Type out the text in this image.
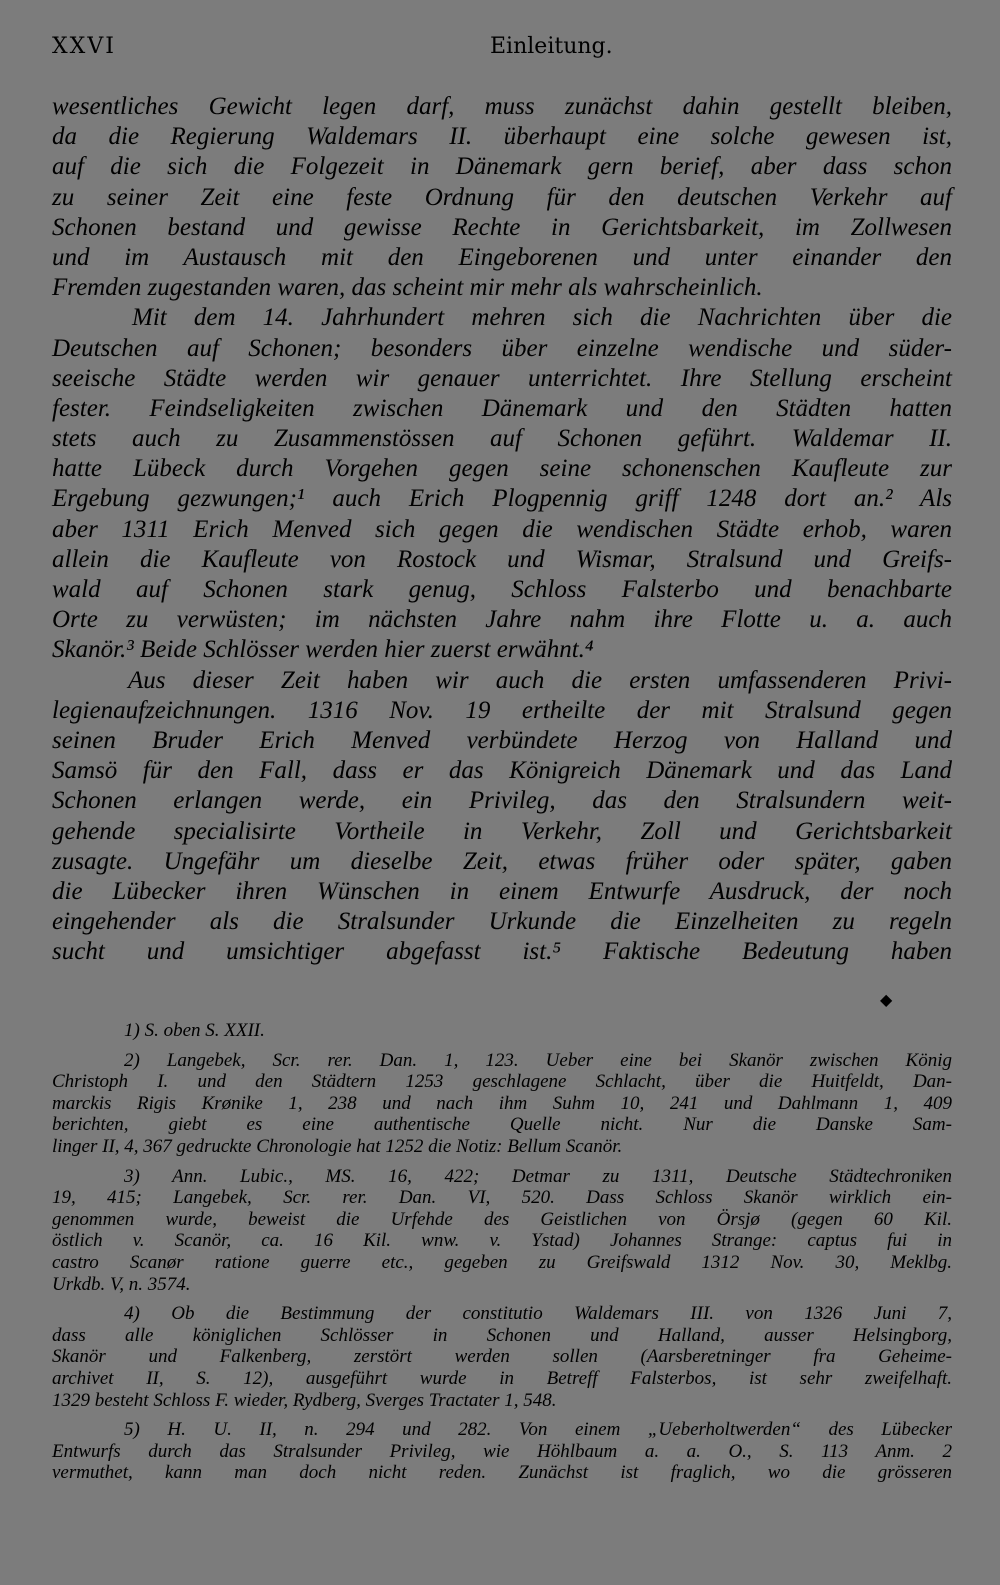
XXVI	Einleitung.
wesentliches Gewicht legen darf, muss zunächst dahin gestellt bleiben,
da die Regierung Waldemars II. überhaupt eine solche gewesen ist,
auf die sich die Folgezeit in Dänemark gern berief, aber dass schon
zu seiner Zeit eine feste Ordnung für den deutschen Verkehr auf
Schonen bestand und gewisse Rechte in Gerichtsbarkeit, im Zollwesen
und im Austausch mit den Eingeborenen und unter einander den
Fremden zugestanden waren, das scheint mir mehr als wahrscheinlich.
Mit dem 14. Jahrhundert mehren sich die Nachrichten über die
Deutschen auf Schonen; besonders über einzelne wendische und süder-
seeische Städte werden wir genauer unterrichtet. Ihre Stellung erscheint
fester. Feindseligkeiten zwischen Dänemark und den Städten hatten
stets auch zu Zusammenstössen auf Schonen geführt. Waldemar II.
hatte Lübeck durch Vorgehen gegen seine schonenschen Kaufleute zur
Ergebung gezwungen;¹ auch Erich Plogpennig griff 1248 dort an.² Als
aber 1311 Erich Menved sich gegen die wendischen Städte erhob, waren
allein die Kaufleute von Rostock und Wismar, Stralsund und Greifs-
wald auf Schonen stark genug, Schloss Falsterbo und benachbarte
Orte zu verwüsten; im nächsten Jahre nahm ihre Flotte u. a. auch
Skanör.³ Beide Schlösser werden hier zuerst erwähnt.⁴
Aus dieser Zeit haben wir auch die ersten umfassenderen Privi-
legienaufzeichnungen. 1316 Nov. 19 ertheilte der mit Stralsund gegen
seinen Bruder Erich Menved verbündete Herzog von Halland und
Samsö für den Fall, dass er das Königreich Dänemark und das Land
Schonen erlangen werde, ein Privileg, das den Stralsundern weit-
gehende specialisirte Vortheile in Verkehr, Zoll und Gerichtsbarkeit
zusagte. Ungefähr um dieselbe Zeit, etwas früher oder später, gaben
die Lübecker ihren Wünschen in einem Entwurfe Ausdruck, der noch
eingehender als die Stralsunder Urkunde die Einzelheiten zu regeln
sucht und umsichtiger abgefasst ist.⁵ Faktische Bedeutung haben
◆
1) S. oben S. XXII.
2) Langebek, Scr. rer. Dan. 1, 123. Ueber eine bei Skanör zwischen König
Christoph I. und den Städtern 1253 geschlagene Schlacht, über die Huitfeldt, Dan-
marckis Rigis Krønike 1, 238 und nach ihm Suhm 10, 241 und Dahlmann 1, 409
berichten, giebt es eine authentische Quelle nicht. Nur die Danske Sam-
linger II, 4, 367 gedruckte Chronologie hat 1252 die Notiz: Bellum Scanör.
3) Ann. Lubic., MS. 16, 422; Detmar zu 1311, Deutsche Städtechroniken
19, 415; Langebek, Scr. rer. Dan. VI, 520. Dass Schloss Skanör wirklich ein-
genommen wurde, beweist die Urfehde des Geistlichen von Örsjø (gegen 60 Kil.
östlich v. Scanör, ca. 16 Kil. wnw. v. Ystad) Johannes Strange: captus fui in
castro Scanør ratione guerre etc., gegeben zu Greifswald 1312 Nov. 30, Meklbg.
Urkdb. V, n. 3574.
4) Ob die Bestimmung der constitutio Waldemars III. von 1326 Juni 7,
dass alle königlichen Schlösser in Schonen und Halland, ausser Helsingborg,
Skanör und Falkenberg, zerstört werden sollen (Aarsberetninger fra Geheime-
archivet II, S. 12), ausgeführt wurde in Betreff Falsterbos, ist sehr zweifelhaft.
1329 besteht Schloss F. wieder, Rydberg, Sverges Tractater 1, 548.
5) H. U. II, n. 294 und 282. Von einem „Ueberholtwerden“ des Lübecker
Entwurfs durch das Stralsunder Privileg, wie Höhlbaum a. a. O., S. 113 Anm. 2
vermuthet, kann man doch nicht reden. Zunächst ist fraglich, wo die grösseren
